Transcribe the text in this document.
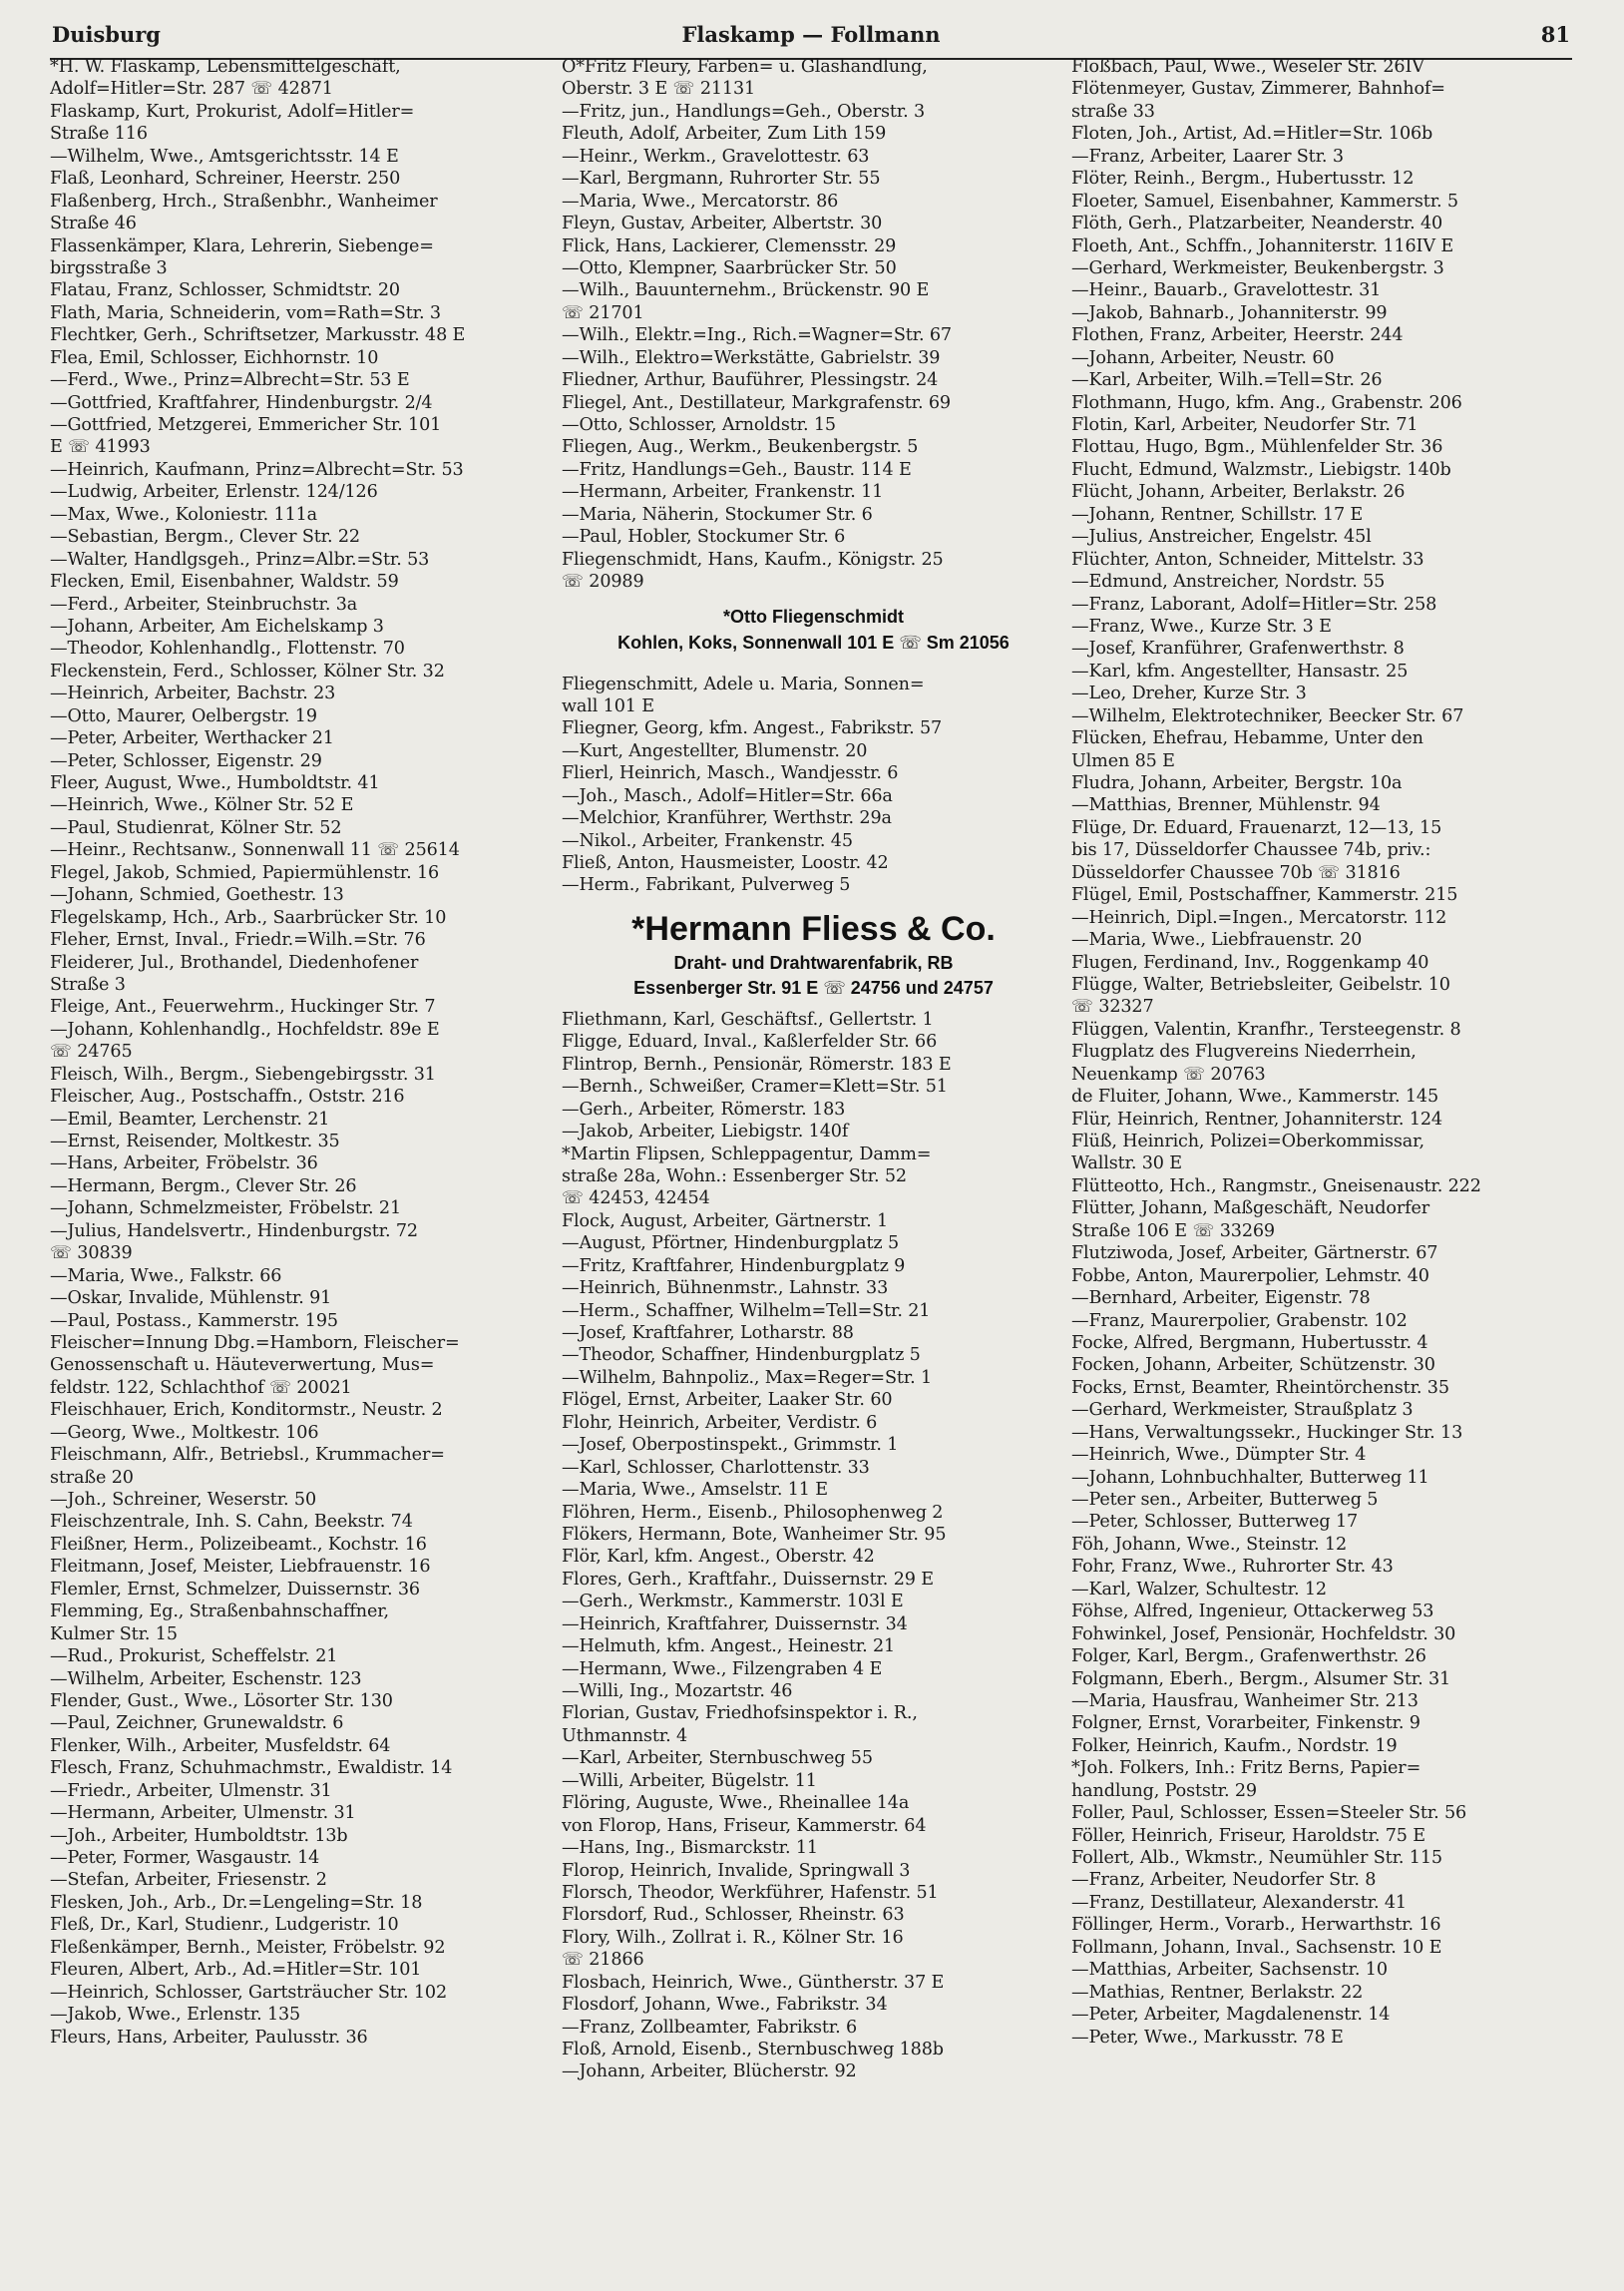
Duisburg	Flaskamp — Follmann	81
*H. W. Flaskamp, Lebensmittelgeschäft,
Adolf=Hitler=Str. 287 ☏ 42871
Flaskamp, Kurt, Prokurist, Adolf=Hitler=
Straße 116
—Wilhelm, Wwe., Amtsgerichtsstr. 14 E
Flaß, Leonhard, Schreiner, Heerstr. 250
Flaßenberg, Hrch., Straßenbhr., Wanheimer
Straße 46
Flassenkämper, Klara, Lehrerin, Siebenge=
birgsstraße 3
Flatau, Franz, Schlosser, Schmidtstr. 20
Flath, Maria, Schneiderin, vom=Rath=Str. 3
Flechtker, Gerh., Schriftsetzer, Markusstr. 48 E
Flea, Emil, Schlosser, Eichhornstr. 10
—Ferd., Wwe., Prinz=Albrecht=Str. 53 E
—Gottfried, Kraftfahrer, Hindenburgstr. 2/4
—Gottfried, Metzgerei, Emmericher Str. 101
E ☏ 41993
—Heinrich, Kaufmann, Prinz=Albrecht=Str. 53
—Ludwig, Arbeiter, Erlenstr. 124/126
—Max, Wwe., Koloniestr. 111a
—Sebastian, Bergm., Clever Str. 22
—Walter, Handlgsgeh., Prinz=Albr.=Str. 53
Flecken, Emil, Eisenbahner, Waldstr. 59
—Ferd., Arbeiter, Steinbruchstr. 3a
—Johann, Arbeiter, Am Eichelskamp 3
—Theodor, Kohlenhandlg., Flottenstr. 70
Fleckenstein, Ferd., Schlosser, Kölner Str. 32
—Heinrich, Arbeiter, Bachstr. 23
—Otto, Maurer, Oelbergstr. 19
—Peter, Arbeiter, Werthacker 21
—Peter, Schlosser, Eigenstr. 29
Fleer, August, Wwe., Humboldtstr. 41
—Heinrich, Wwe., Kölner Str. 52 E
—Paul, Studienrat, Kölner Str. 52
—Heinr., Rechtsanw., Sonnenwall 11 ☏ 25614
Flegel, Jakob, Schmied, Papiermühlenstr. 16
—Johann, Schmied, Goethestr. 13
Flegelskamp, Hch., Arb., Saarbrücker Str. 10
Fleher, Ernst, Inval., Friedr.=Wilh.=Str. 76
Fleiderer, Jul., Brothandel, Diedenhofener
Straße 3
Fleige, Ant., Feuerwehrm., Huckinger Str. 7
—Johann, Kohlenhandlg., Hochfeldstr. 89e E
☏ 24765
Fleisch, Wilh., Bergm., Siebengebirgsstr. 31
Fleischer, Aug., Postschaffn., Oststr. 216
—Emil, Beamter, Lerchenstr. 21
—Ernst, Reisender, Moltkestr. 35
—Hans, Arbeiter, Fröbelstr. 36
—Hermann, Bergm., Clever Str. 26
—Johann, Schmelzmeister, Fröbelstr. 21
—Julius, Handelsvertr., Hindenburgstr. 72
☏ 30839
—Maria, Wwe., Falkstr. 66
—Oskar, Invalide, Mühlenstr. 91
—Paul, Postass., Kammerstr. 195
Fleischer=Innung Dbg.=Hamborn, Fleischer=
Genossenschaft u. Häuteverwertung, Mus=
feldstr. 122, Schlachthof ☏ 20021
Fleischhauer, Erich, Konditormstr., Neustr. 2
—Georg, Wwe., Moltkestr. 106
Fleischmann, Alfr., Betriebsl., Krummacher=
straße 20
—Joh., Schreiner, Weserstr. 50
Fleischzentrale, Inh. S. Cahn, Beekstr. 74
Fleißner, Herm., Polizeibeamt., Kochstr. 16
Fleitmann, Josef, Meister, Liebfrauenstr. 16
Flemler, Ernst, Schmelzer, Duissernstr. 36
Flemming, Eg., Straßenbahnschaffner,
Kulmer Str. 15
—Rud., Prokurist, Scheffelstr. 21
—Wilhelm, Arbeiter, Eschenstr. 123
Flender, Gust., Wwe., Lösorter Str. 130
—Paul, Zeichner, Grunewaldstr. 6
Flenker, Wilh., Arbeiter, Musfeldstr. 64
Flesch, Franz, Schuhmachmstr., Ewaldistr. 14
—Friedr., Arbeiter, Ulmenstr. 31
—Hermann, Arbeiter, Ulmenstr. 31
—Joh., Arbeiter, Humboldtstr. 13b
—Peter, Former, Wasgaustr. 14
—Stefan, Arbeiter, Friesenstr. 2
Flesken, Joh., Arb., Dr.=Lengeling=Str. 18
Fleß, Dr., Karl, Studienr., Ludgeristr. 10
Fleßenkämper, Bernh., Meister, Fröbelstr. 92
Fleuren, Albert, Arb., Ad.=Hitler=Str. 101
—Heinrich, Schlosser, Gartsträucher Str. 102
—Jakob, Wwe., Erlenstr. 135
Fleurs, Hans, Arbeiter, Paulusstr. 36
O*Fritz Fleury, Farben= u. Glashandlung,
Oberstr. 3 E ☏ 21131
—Fritz, jun., Handlungs=Geh., Oberstr. 3
Fleuth, Adolf, Arbeiter, Zum Lith 159
—Heinr., Werkm., Gravelottestr. 63
—Karl, Bergmann, Ruhrorter Str. 55
—Maria, Wwe., Mercatorstr. 86
Fleyn, Gustav, Arbeiter, Albertstr. 30
Flick, Hans, Lackierer, Clemensstr. 29
—Otto, Klempner, Saarbrücker Str. 50
—Wilh., Bauunternehm., Brückenstr. 90 E
☏ 21701
—Wilh., Elektr.=Ing., Rich.=Wagner=Str. 67
—Wilh., Elektro=Werkstätte, Gabrielstr. 39
Fliedner, Arthur, Bauführer, Plessingstr. 24
Fliegel, Ant., Destillateur, Markgrafenstr. 69
—Otto, Schlosser, Arnoldstr. 15
Fliegen, Aug., Werkm., Beukenbergstr. 5
—Fritz, Handlungs=Geh., Baustr. 114 E
—Hermann, Arbeiter, Frankenstr. 11
—Maria, Näherin, Stockumer Str. 6
—Paul, Hobler, Stockumer Str. 6
Fliegenschmidt, Hans, Kaufm., Königstr. 25
☏ 20989
*Otto Fliegenschmidt
Kohlen, Koks, Sonnenwall 101 E ☏ Sm 21056
Fliegenschmitt, Adele u. Maria, Sonnen=
wall 101 E
Fliegner, Georg, kfm. Angest., Fabrikstr. 57
—Kurt, Angestellter, Blumenstr. 20
Flierl, Heinrich, Masch., Wandjesstr. 6
—Joh., Masch., Adolf=Hitler=Str. 66a
—Melchior, Kranführer, Werthstr. 29a
—Nikol., Arbeiter, Frankenstr. 45
Fließ, Anton, Hausmeister, Loostr. 42
—Herm., Fabrikant, Pulverweg 5
*Hermann Fliess & Co.
Draht- und Drahtwarenfabrik, RB
Essenberger Str. 91 E ☏ 24756 und 24757
Fliethmann, Karl, Geschäftsf., Gellertstr. 1
Fligge, Eduard, Inval., Kaßlerfelder Str. 66
Flintrop, Bernh., Pensionär, Römerstr. 183 E
—Bernh., Schweißer, Cramer=Klett=Str. 51
—Gerh., Arbeiter, Römerstr. 183
—Jakob, Arbeiter, Liebigstr. 140f
*Martin Flipsen, Schleppagentur, Damm=
straße 28a, Wohn.: Essenberger Str. 52
☏ 42453, 42454
Flock, August, Arbeiter, Gärtnerstr. 1
—August, Pförtner, Hindenburgplatz 5
—Fritz, Kraftfahrer, Hindenburgplatz 9
—Heinrich, Bühnenmstr., Lahnstr. 33
—Herm., Schaffner, Wilhelm=Tell=Str. 21
—Josef, Kraftfahrer, Lotharstr. 88
—Theodor, Schaffner, Hindenburgplatz 5
—Wilhelm, Bahnpoliz., Max=Reger=Str. 1
Flögel, Ernst, Arbeiter, Laaker Str. 60
Flohr, Heinrich, Arbeiter, Verdistr. 6
—Josef, Oberpostinspekt., Grimmstr. 1
—Karl, Schlosser, Charlottenstr. 33
—Maria, Wwe., Amselstr. 11 E
Flöhren, Herm., Eisenb., Philosophenweg 2
Flökers, Hermann, Bote, Wanheimer Str. 95
Flör, Karl, kfm. Angest., Oberstr. 42
Flores, Gerh., Kraftfahr., Duissernstr. 29 E
—Gerh., Werkmstr., Kammerstr. 103l E
—Heinrich, Kraftfahrer, Duissernstr. 34
—Helmuth, kfm. Angest., Heinestr. 21
—Hermann, Wwe., Filzengraben 4 E
—Willi, Ing., Mozartstr. 46
Florian, Gustav, Friedhofsinspektor i. R.,
Uthmannstr. 4
—Karl, Arbeiter, Sternbuschweg 55
—Willi, Arbeiter, Bügelstr. 11
Flöring, Auguste, Wwe., Rheinallee 14a
von Florop, Hans, Friseur, Kammerstr. 64
—Hans, Ing., Bismarckstr. 11
Florop, Heinrich, Invalide, Springwall 3
Florsch, Theodor, Werkführer, Hafenstr. 51
Florsdorf, Rud., Schlosser, Rheinstr. 63
Flory, Wilh., Zollrat i. R., Kölner Str. 16
☏ 21866
Flosbach, Heinrich, Wwe., Güntherstr. 37 E
Flosdorf, Johann, Wwe., Fabrikstr. 34
—Franz, Zollbeamter, Fabrikstr. 6
Floß, Arnold, Eisenb., Sternbuschweg 188b
—Johann, Arbeiter, Blücherstr. 92
Floßbach, Paul, Wwe., Weseler Str. 26IV
Flötenmeyer, Gustav, Zimmerer, Bahnhof=
straße 33
Floten, Joh., Artist, Ad.=Hitler=Str. 106b
—Franz, Arbeiter, Laarer Str. 3
Flöter, Reinh., Bergm., Hubertusstr. 12
Floeter, Samuel, Eisenbahner, Kammerstr. 5
Flöth, Gerh., Platzarbeiter, Neanderstr. 40
Floeth, Ant., Schffn., Johanniterstr. 116IV E
—Gerhard, Werkmeister, Beukenbergstr. 3
—Heinr., Bauarb., Gravelottestr. 31
—Jakob, Bahnarb., Johanniterstr. 99
Flothen, Franz, Arbeiter, Heerstr. 244
—Johann, Arbeiter, Neustr. 60
—Karl, Arbeiter, Wilh.=Tell=Str. 26
Flothmann, Hugo, kfm. Ang., Grabenstr. 206
Flotin, Karl, Arbeiter, Neudorfer Str. 71
Flottau, Hugo, Bgm., Mühlenfelder Str. 36
Flucht, Edmund, Walzmstr., Liebigstr. 140b
Flücht, Johann, Arbeiter, Berlakstr. 26
—Johann, Rentner, Schillstr. 17 E
—Julius, Anstreicher, Engelstr. 45l
Flüchter, Anton, Schneider, Mittelstr. 33
—Edmund, Anstreicher, Nordstr. 55
—Franz, Laborant, Adolf=Hitler=Str. 258
—Franz, Wwe., Kurze Str. 3 E
—Josef, Kranführer, Grafenwerthstr. 8
—Karl, kfm. Angestellter, Hansastr. 25
—Leo, Dreher, Kurze Str. 3
—Wilhelm, Elektrotechniker, Beecker Str. 67
Flücken, Ehefrau, Hebamme, Unter den
Ulmen 85 E
Fludra, Johann, Arbeiter, Bergstr. 10a
—Matthias, Brenner, Mühlenstr. 94
Flüge, Dr. Eduard, Frauenarzt, 12—13, 15
bis 17, Düsseldorfer Chaussee 74b, priv.:
Düsseldorfer Chaussee 70b ☏ 31816
Flügel, Emil, Postschaffner, Kammerstr. 215
—Heinrich, Dipl.=Ingen., Mercatorstr. 112
—Maria, Wwe., Liebfrauenstr. 20
Flugen, Ferdinand, Inv., Roggenkamp 40
Flügge, Walter, Betriebsleiter, Geibelstr. 10
☏ 32327
Flüggen, Valentin, Kranfhr., Tersteegenstr. 8
Flugplatz des Flugvereins Niederrhein,
Neuenkamp ☏ 20763
de Fluiter, Johann, Wwe., Kammerstr. 145
Flür, Heinrich, Rentner, Johanniterstr. 124
Flüß, Heinrich, Polizei=Oberkommissar,
Wallstr. 30 E
Flütteotto, Hch., Rangmstr., Gneisenaustr. 222
Flütter, Johann, Maßgeschäft, Neudorfer
Straße 106 E ☏ 33269
Flutziwoda, Josef, Arbeiter, Gärtnerstr. 67
Fobbe, Anton, Maurerpolier, Lehmstr. 40
—Bernhard, Arbeiter, Eigenstr. 78
—Franz, Maurerpolier, Grabenstr. 102
Focke, Alfred, Bergmann, Hubertusstr. 4
Focken, Johann, Arbeiter, Schützenstr. 30
Focks, Ernst, Beamter, Rheintörchenstr. 35
—Gerhard, Werkmeister, Straußplatz 3
—Hans, Verwaltungssekr., Huckinger Str. 13
—Heinrich, Wwe., Dümpter Str. 4
—Johann, Lohnbuchhalter, Butterweg 11
—Peter sen., Arbeiter, Butterweg 5
—Peter, Schlosser, Butterweg 17
Föh, Johann, Wwe., Steinstr. 12
Fohr, Franz, Wwe., Ruhrorter Str. 43
—Karl, Walzer, Schultestr. 12
Föhse, Alfred, Ingenieur, Ottackerweg 53
Fohwinkel, Josef, Pensionär, Hochfeldstr. 30
Folger, Karl, Bergm., Grafenwerthstr. 26
Folgmann, Eberh., Bergm., Alsumer Str. 31
—Maria, Hausfrau, Wanheimer Str. 213
Folgner, Ernst, Vorarbeiter, Finkenstr. 9
Folker, Heinrich, Kaufm., Nordstr. 19
*Joh. Folkers, Inh.: Fritz Berns, Papier=
handlung, Poststr. 29
Foller, Paul, Schlosser, Essen=Steeler Str. 56
Föller, Heinrich, Friseur, Haroldstr. 75 E
Follert, Alb., Wkmstr., Neumühler Str. 115
—Franz, Arbeiter, Neudorfer Str. 8
—Franz, Destillateur, Alexanderstr. 41
Föllinger, Herm., Vorarb., Herwarthstr. 16
Follmann, Johann, Inval., Sachsenstr. 10 E
—Matthias, Arbeiter, Sachsenstr. 10
—Mathias, Rentner, Berlakstr. 22
—Peter, Arbeiter, Magdalenenstr. 14
—Peter, Wwe., Markusstr. 78 E
